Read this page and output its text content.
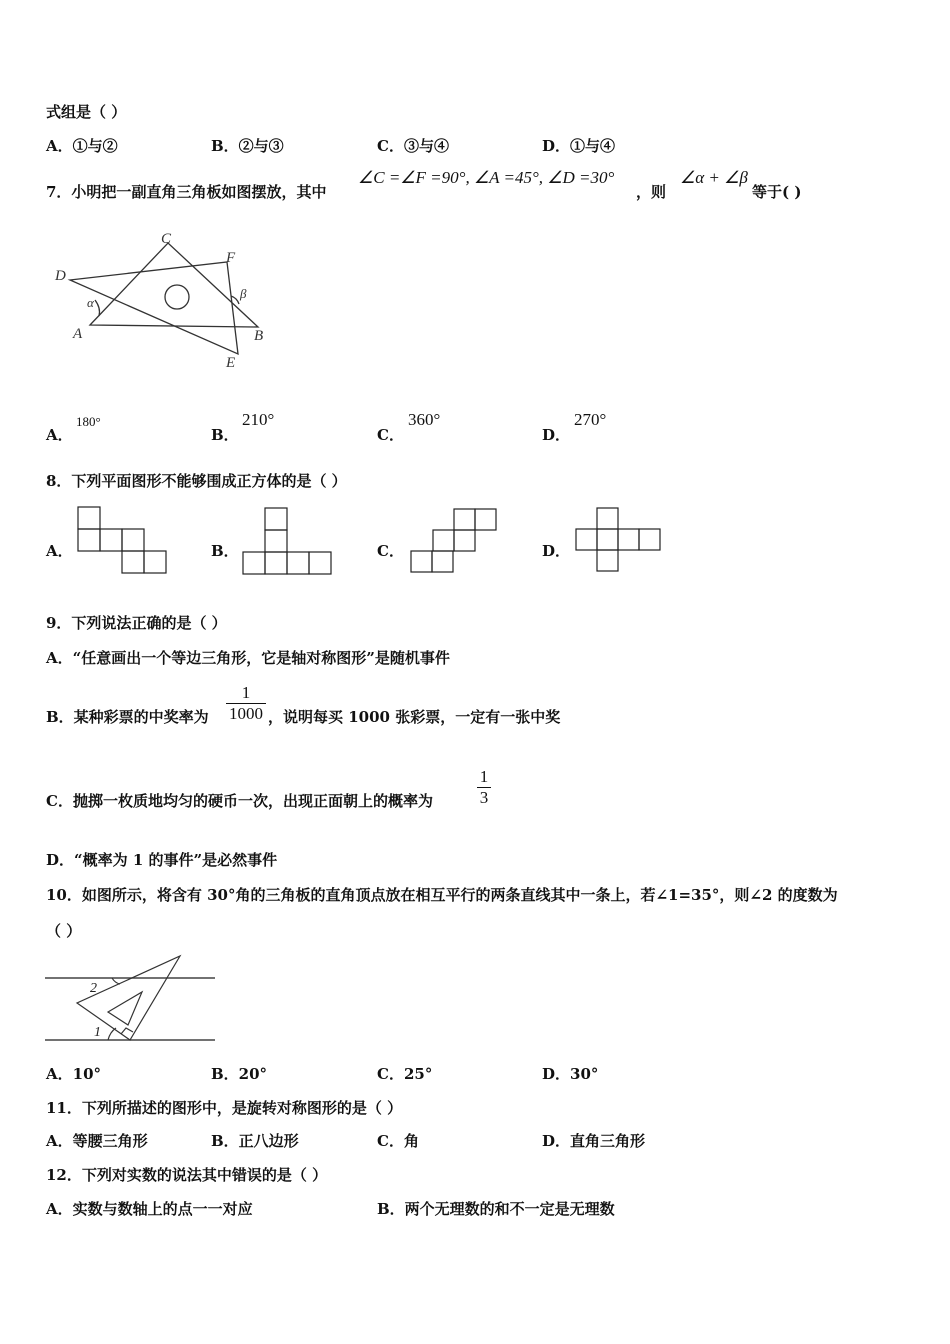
式组是（ ）
A．①与②	B．②与③	C．③与④	D．①与④
7．小明把一副直角三角板如图摆放，其中
∠C =∠F =90°, ∠A =45°, ∠D =30°
，则
∠α + ∠β
等于( )
C
F
D
α
β
A	B
E
A．
180°
B．
210°
C．
360°
D．
270°
8．下列平面图形不能够围成正方体的是（ ）
A．	B．	C．	D．
9．下列说法正确的是（ ）
A．“任意画出一个等边三角形，它是轴对称图形”是随机事件
B．某种彩票的中奖率为
1
1000 ，说明每买 1000 张彩票，一定有一张中奖
C．抛掷一枚质地均匀的硬币一次，出现正面朝上的概率为
1
3
D．“概率为 1 的事件”是必然事件
10．如图所示，将含有 30°角的三角板的直角顶点放在相互平行的两条直线其中一条上，若∠1=35°，则∠2 的度数为
（ ）
2
1
A．10°	B．20°	C．25°	D．30°
11．下列所描述的图形中，是旋转对称图形的是（ ）
A．等腰三角形	B．正八边形	C．角	D．直角三角形
12．下列对实数的说法其中错误的是（ ）
A．实数与数轴上的点一一对应	B．两个无理数的和不一定是无理数
